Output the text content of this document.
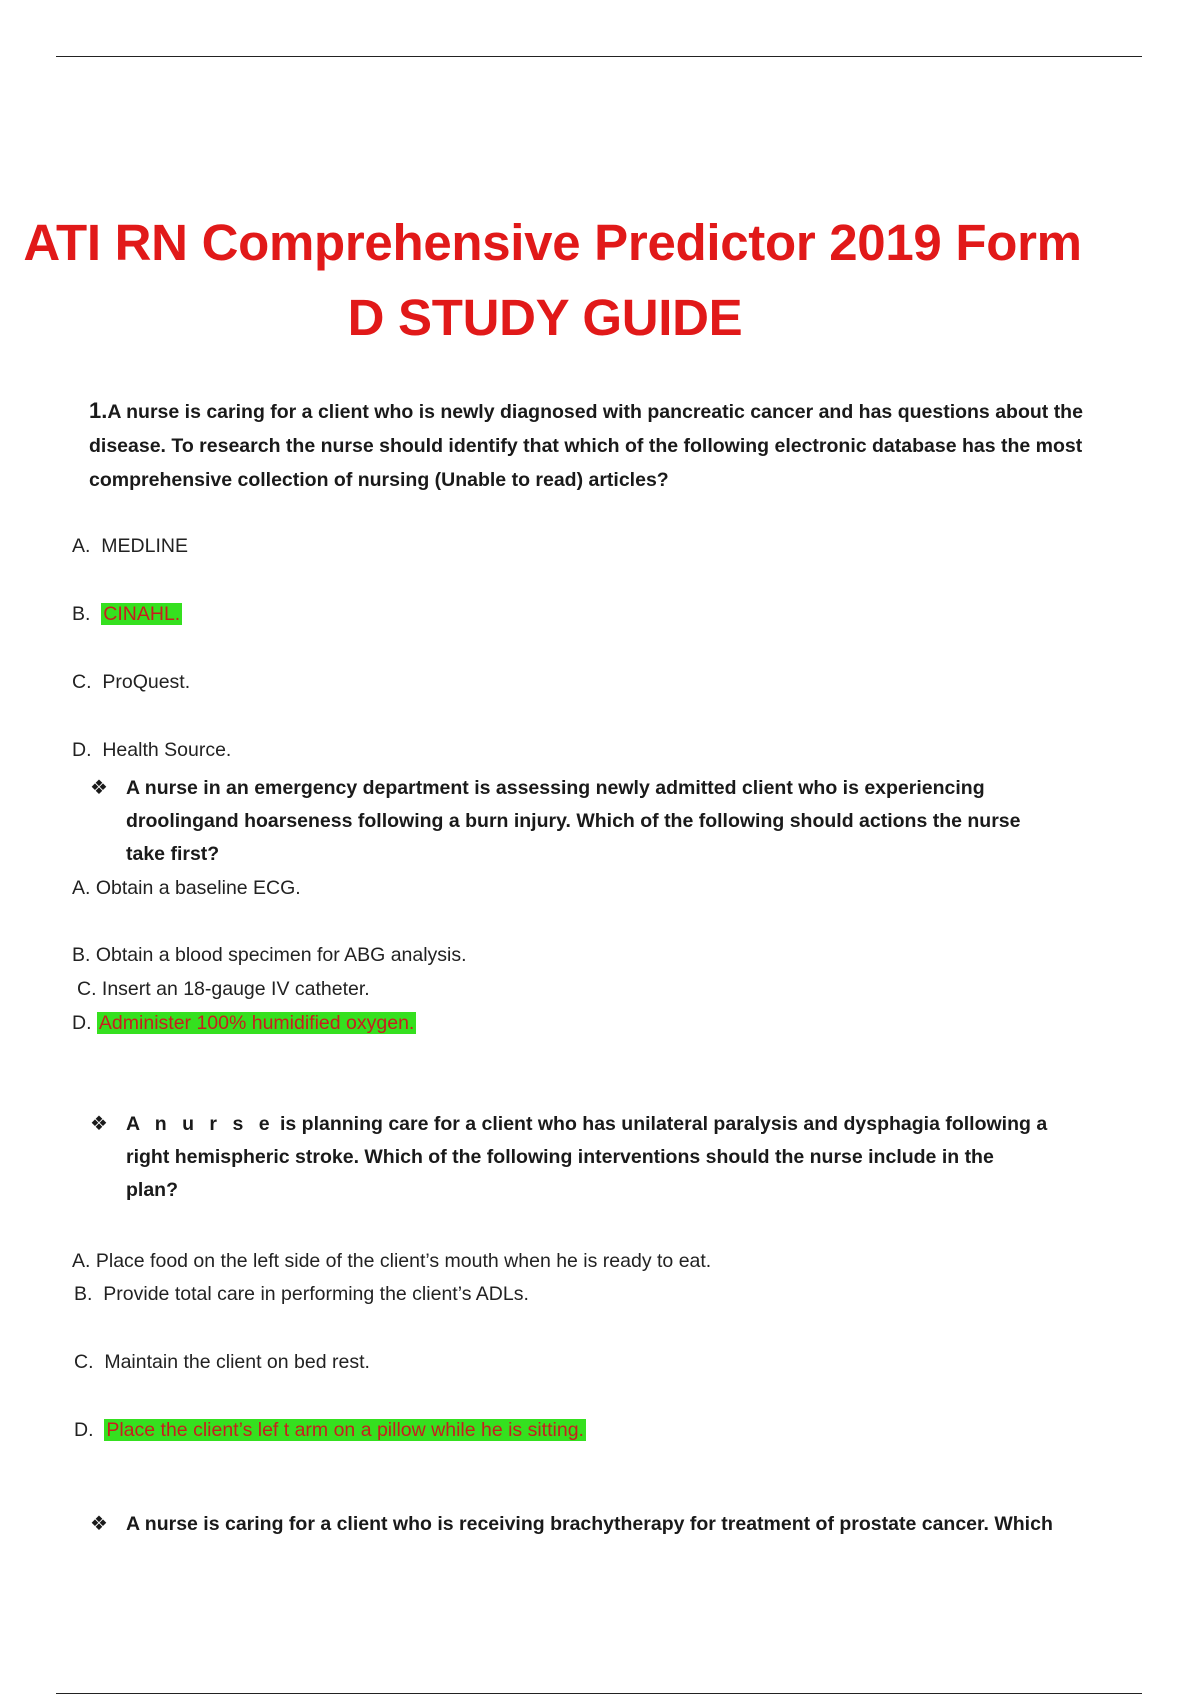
ATI RN Comprehensive Predictor 2019 Form
D STUDY GUIDE
1.A nurse is caring for a client who is newly diagnosed with pancreatic cancer and has questions about the disease. To research the nurse should identify that which of the following electronic database has the most comprehensive collection of nursing (Unable to read) articles?
A. MEDLINE
B. CINAHL.
C. ProQuest.
D. Health Source.
❖ A nurse in an emergency department is assessing newly admitted client who is experiencing
droolingand hoarseness following a burn injury. Which of the following should actions the nurse
take first?
A. Obtain a baseline ECG.
B. Obtain a blood specimen for ABG analysis.
C. Insert an 18-gauge IV catheter.
D. Administer 100% humidified oxygen.
❖ A n u r s e is planning care for a client who has unilateral paralysis and dysphagia following a
right hemispheric stroke. Which of the following interventions should the nurse include in the
plan?
A. Place food on the left side of the client’s mouth when he is ready to eat.
B. Provide total care in performing the client’s ADLs.
C. Maintain the client on bed rest.
D. Place the client’s lef t arm on a pillow while he is sitting.
❖ A nurse is caring for a client who is receiving brachytherapy for treatment of prostate cancer. Which
